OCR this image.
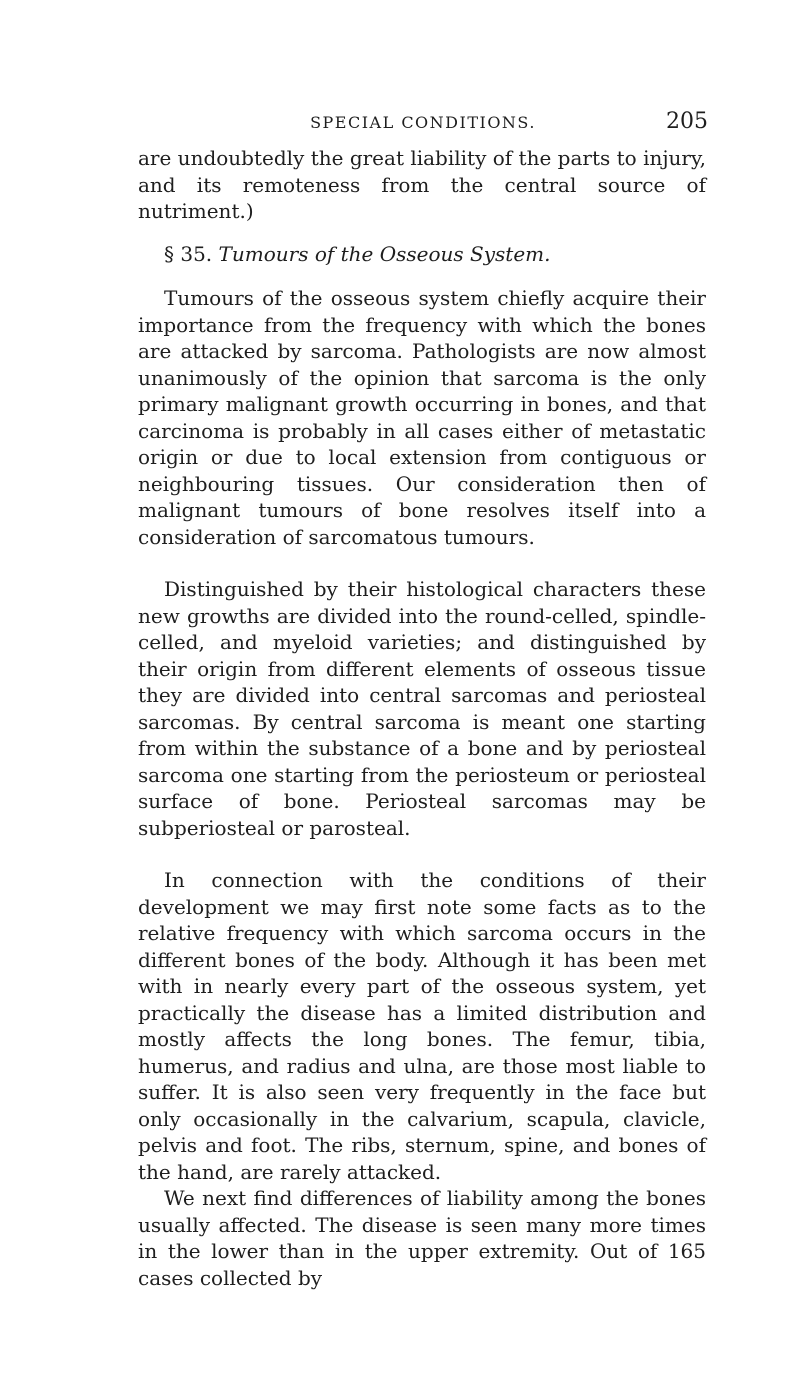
SPECIAL CONDITIONS.	205

are undoubtedly the great liability of the parts to injury, and its remoteness from the central source of nutriment.)

§ 35. Tumours of the Osseous System.

Tumours of the osseous system chiefly acquire their importance from the frequency with which the bones are attacked by sarcoma. Pathologists are now almost unanimously of the opinion that sarcoma is the only primary malignant growth occurring in bones, and that carcinoma is probably in all cases either of metastatic origin or due to local extension from contiguous or neighbouring tissues. Our consideration then of malignant tumours of bone resolves itself into a consideration of sarcomatous tumours.

Distinguished by their histological characters these new growths are divided into the round-celled, spindle-celled, and myeloid varieties; and distinguished by their origin from different elements of osseous tissue they are divided into central sarcomas and periosteal sarcomas. By central sarcoma is meant one starting from within the substance of a bone and by periosteal sarcoma one starting from the periosteum or periosteal surface of bone. Periosteal sarcomas may be subperiosteal or parosteal.

In connection with the conditions of their development we may first note some facts as to the relative frequency with which sarcoma occurs in the different bones of the body. Although it has been met with in nearly every part of the osseous system, yet practically the disease has a limited distribution and mostly affects the long bones. The femur, tibia, humerus, and radius and ulna, are those most liable to suffer. It is also seen very frequently in the face but only occasionally in the calvarium, scapula, clavicle, pelvis and foot. The ribs, sternum, spine, and bones of the hand, are rarely attacked.

We next find differences of liability among the bones usually affected. The disease is seen many more times in the lower than in the upper extremity. Out of 165 cases collected by
